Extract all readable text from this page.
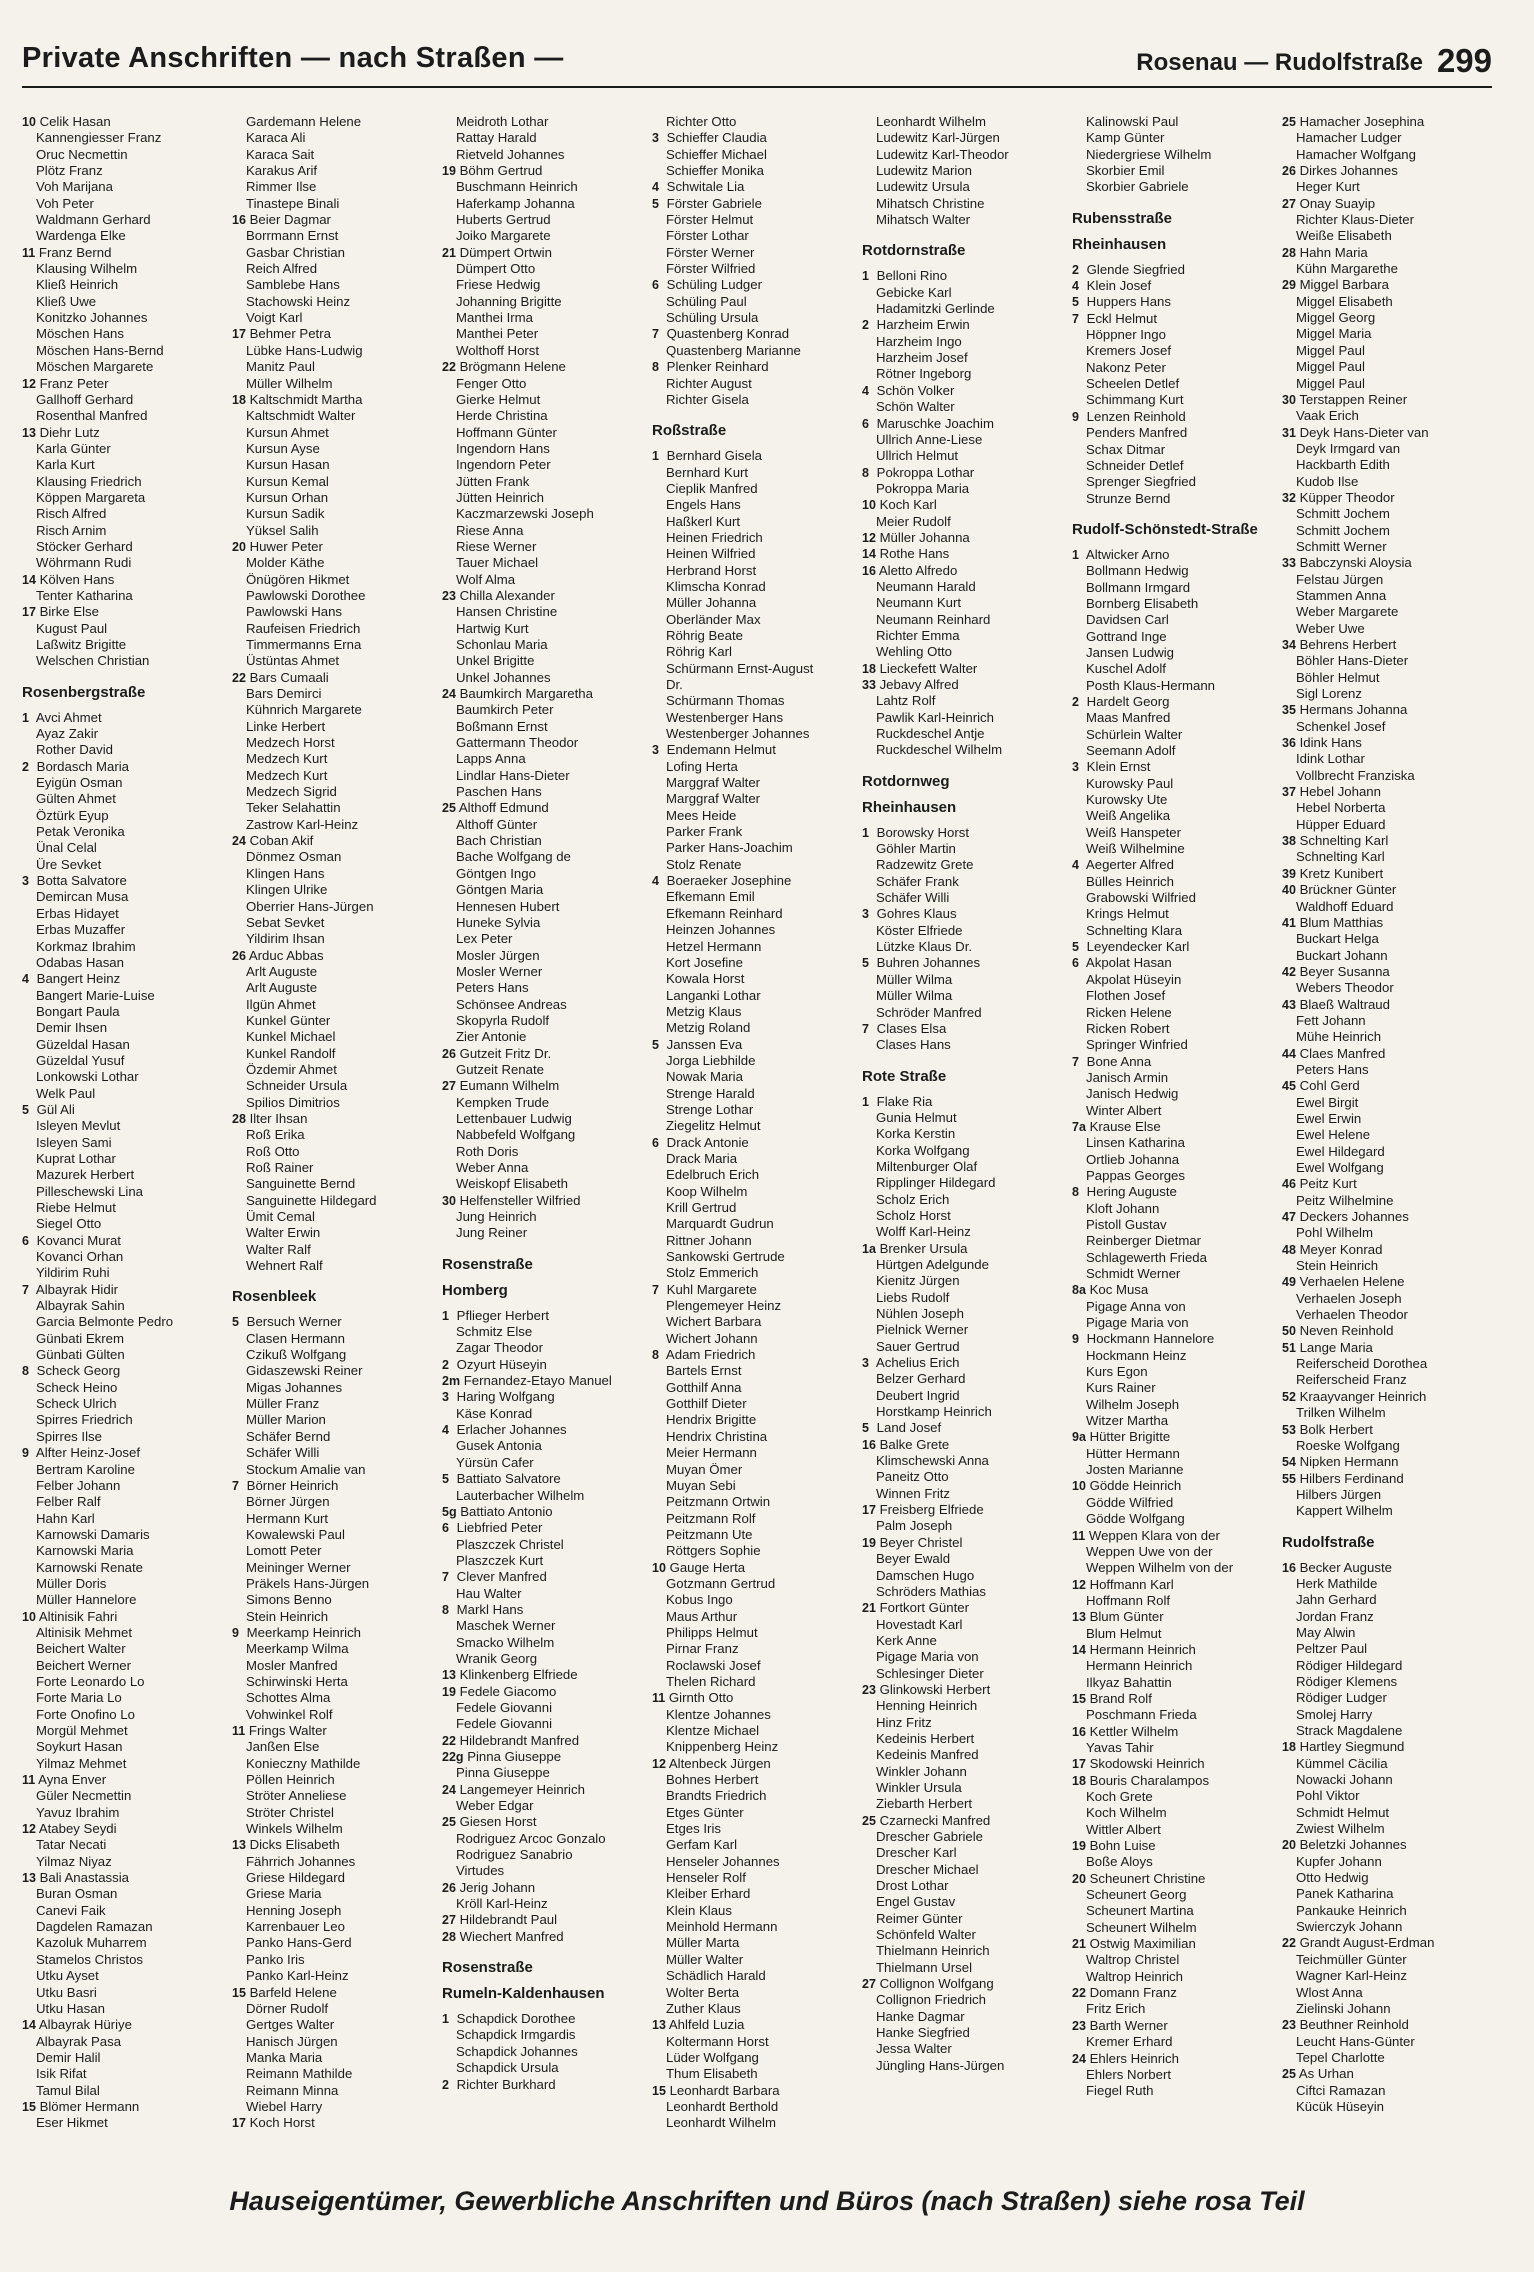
Private Anschriften — nach Straßen —	Rosenau — Rudolfstraße 299
10 Celik Hasan
Kannengiesser Franz
Oruc Necmettin
Plötz Franz
Voh Marijana
Voh Peter
Waldmann Gerhard
Wardenga Elke
11 Franz Bernd
Klausing Wilhelm
Kließ Heinrich
Kließ Uwe
Konitzko Johannes
Möschen Hans
Möschen Hans-Bernd
Möschen Margarete
12 Franz Peter
Gallhoff Gerhard
Rosenthal Manfred
13 Diehr Lutz
Karla Günter
Karla Kurt
Klausing Friedrich
Köppen Margareta
Risch Alfred
Risch Arnim
Stöcker Gerhard
Wöhrmann Rudi
14 Kölven Hans
Tenter Katharina
17 Birke Else
Kugust Paul
Laßwitz Brigitte
Welschen Christian
Rosenbergstraße
1 Avci Ahmet
Ayaz Zakir
Rother David
2 Bordasch Maria
Eyigün Osman
Gülten Ahmet
Öztürk Eyup
Petak Veronika
Ünal Celal
Üre Sevket
3 Botta Salvatore
Demircan Musa
Erbas Hidayet
Erbas Muzaffer
Korkmaz Ibrahim
Odabas Hasan
4 Bangert Heinz
Bangert Marie-Luise
Bongart Paula
Demir Ihsen
Güzeldal Hasan
Güzeldal Yusuf
Lonkowski Lothar
Welk Paul
5 Gül Ali
Isleyen Mevlut
Isleyen Sami
Kuprat Lothar
Mazurek Herbert
Pilleschewski Lina
Riebe Helmut
Siegel Otto
6 Kovanci Murat
Kovanci Orhan
Yildirim Ruhi
7 Albayrak Hidir
Albayrak Sahin
Garcia Belmonte Pedro
Günbati Ekrem
Günbati Gülten
8 Scheck Georg
Scheck Heino
Scheck Ulrich
Spirres Friedrich
Spirres Ilse
9 Alfter Heinz-Josef
Bertram Karoline
Felber Johann
Felber Ralf
Hahn Karl
Karnowski Damaris
Karnowski Maria
Karnowski Renate
Müller Doris
Müller Hannelore
10 Altinisik Fahri
Altinisik Mehmet
Beichert Walter
Beichert Werner
Forte Leonardo Lo
Forte Maria Lo
Forte Onofino Lo
Morgül Mehmet
Soykurt Hasan
Yilmaz Mehmet
11 Ayna Enver
Güler Necmettin
Yavuz Ibrahim
12 Atabey Seydi
Tatar Necati
Yilmaz Niyaz
13 Bali Anastassia
Buran Osman
Canevi Faik
Dagdelen Ramazan
Kazoluk Muharrem
Stamelos Christos
Utku Ayset
Utku Basri
Utku Hasan
14 Albayrak Hüriye
Albayrak Pasa
Demir Halil
Isik Rifat
Tamul Bilal
15 Blömer Hermann
Eser Hikmet
Gardemann Helene
Karaca Ali
Karaca Sait
Karakus Arif
Rimmer Ilse
Tinastepe Binali
16 Beier Dagmar
Borrmann Ernst
Gasbar Christian
Reich Alfred
Samblebe Hans
Stachowski Heinz
Voigt Karl
17 Behmer Petra
Lübke Hans-Ludwig
Manitz Paul
Müller Wilhelm
18 Kaltschmidt Martha
Kaltschmidt Walter
Kursun Ahmet
Kursun Ayse
Kursun Hasan
Kursun Kemal
Kursun Orhan
Kursun Sadik
Yüksel Salih
20 Huwer Peter
Molder Käthe
Önügören Hikmet
Pawlowski Dorothee
Pawlowski Hans
Raufeisen Friedrich
Timmermanns Erna
Üstüntas Ahmet
22 Bars Cumaali
Bars Demirci
Kühnrich Margarete
Linke Herbert
Medzech Horst
Medzech Kurt
Medzech Kurt
Medzech Sigrid
Teker Selahattin
Zastrow Karl-Heinz
24 Coban Akif
Dönmez Osman
Klingen Hans
Klingen Ulrike
Oberrier Hans-Jürgen
Sebat Sevket
Yildirim Ihsan
26 Arduc Abbas
Arlt Auguste
Arlt Auguste
Ilgün Ahmet
Kunkel Günter
Kunkel Michael
Kunkel Randolf
Özdemir Ahmet
Schneider Ursula
Spilios Dimitrios
28 Ilter Ihsan
Roß Erika
Roß Otto
Roß Rainer
Sanguinette Bernd
Sanguinette Hildegard
Ümit Cemal
Walter Erwin
Walter Ralf
Wehnert Ralf
Rosenbleek
5 Bersuch Werner
Clasen Hermann
Czikuß Wolfgang
Gidaszewski Reiner
Migas Johannes
Müller Franz
Müller Marion
Schäfer Bernd
Schäfer Willi
Stockum Amalie van
7 Börner Heinrich
Börner Jürgen
Hermann Kurt
Kowalewski Paul
Lomott Peter
Meininger Werner
Präkels Hans-Jürgen
Simons Benno
Stein Heinrich
9 Meerkamp Heinrich
Meerkamp Wilma
Mosler Manfred
Schirwinski Herta
Schottes Alma
Vohwinkel Rolf
11 Frings Walter
Janßen Else
Konieczny Mathilde
Pöllen Heinrich
Ströter Anneliese
Ströter Christel
Winkels Wilhelm
13 Dicks Elisabeth
Fährrich Johannes
Griese Hildegard
Griese Maria
Henning Joseph
Karrenbauer Leo
Panko Hans-Gerd
Panko Iris
Panko Karl-Heinz
15 Barfeld Helene
Dörner Rudolf
Gertges Walter
Hanisch Jürgen
Manka Maria
Reimann Mathilde
Reimann Minna
Wiebel Harry
17 Koch Horst
Meidroth Lothar
Rattay Harald
Rietveld Johannes
19 Böhm Gertrud
Buschmann Heinrich
Haferkamp Johanna
Huberts Gertrud
Joiko Margarete
21 Dümpert Ortwin
Dümpert Otto
Friese Hedwig
Johanning Brigitte
Manthei Irma
Manthei Peter
Wolthoff Horst
22 Brögmann Helene
Fenger Otto
Gierke Helmut
Herde Christina
Hoffmann Günter
Ingendorn Hans
Ingendorn Peter
Jütten Frank
Jütten Heinrich
Kaczmarzewski Joseph
Riese Anna
Riese Werner
Tauer Michael
Wolf Alma
23 Chilla Alexander
Hansen Christine
Hartwig Kurt
Schonlau Maria
Unkel Brigitte
Unkel Johannes
24 Baumkirch Margaretha
Baumkirch Peter
Boßmann Ernst
Gattermann Theodor
Lapps Anna
Lindlar Hans-Dieter
Paschen Hans
25 Althoff Edmund
Althoff Günter
Bach Christian
Bache Wolfgang de
Göntgen Ingo
Göntgen Maria
Hennesen Hubert
Huneke Sylvia
Lex Peter
Mosler Jürgen
Mosler Werner
Peters Hans
Schönsee Andreas
Skopyrla Rudolf
Zier Antonie
26 Gutzeit Fritz Dr.
Gutzeit Renate
27 Eumann Wilhelm
Kempken Trude
Lettenbauer Ludwig
Nabbefeld Wolfgang
Roth Doris
Weber Anna
Weiskopf Elisabeth
30 Helfensteller Wilfried
Jung Heinrich
Jung Reiner
Rosenstraße
Homberg
1 Pflieger Herbert
Schmitz Else
Zagar Theodor
2 Ozyurt Hüseyin
2m Fernandez-Etayo Manuel
3 Haring Wolfgang
Käse Konrad
4 Erlacher Johannes
Gusek Antonia
Yürsün Cafer
5 Battiato Salvatore
Lauterbacher Wilhelm
5g Battiato Antonio
6 Liebfried Peter
Plaszczek Christel
Plaszczek Kurt
7 Clever Manfred
Hau Walter
8 Markl Hans
Maschek Werner
Smacko Wilhelm
Wranik Georg
13 Klinkenberg Elfriede
19 Fedele Giacomo
Fedele Giovanni
Fedele Giovanni
22 Hildebrandt Manfred
22g Pinna Giuseppe
Pinna Giuseppe
24 Langemeyer Heinrich
Weber Edgar
25 Giesen Horst
Rodriguez Arcoc Gonzalo
Rodriguez Sanabrio
Virtudes
26 Jerig Johann
Kröll Karl-Heinz
27 Hildebrandt Paul
28 Wiechert Manfred
Rosenstraße
Rumeln-Kaldenhausen
1 Schapdick Dorothee
Schapdick Irmgardis
Schapdick Johannes
Schapdick Ursula
2 Richter Burkhard
Richter Otto
3 Schieffer Claudia
Schieffer Michael
Schieffer Monika
4 Schwitale Lia
5 Förster Gabriele
Förster Helmut
Förster Lothar
Förster Werner
Förster Wilfried
6 Schüling Ludger
Schüling Paul
Schüling Ursula
7 Quastenberg Konrad
Quastenberg Marianne
8 Plenker Reinhard
Richter August
Richter Gisela
Roßstraße
1 Bernhard Gisela
Bernhard Kurt
Cieplik Manfred
Engels Hans
Haßkerl Kurt
Heinen Friedrich
Heinen Wilfried
Herbrand Horst
Klimscha Konrad
Müller Johanna
Oberländer Max
Röhrig Beate
Röhrig Karl
Schürmann Ernst-August
Dr.
Schürmann Thomas
Westenberger Hans
Westenberger Johannes
3 Endemann Helmut
Lofing Herta
Marggraf Walter
Marggraf Walter
Mees Heide
Parker Frank
Parker Hans-Joachim
Stolz Renate
4 Boeraeker Josephine
Efkemann Emil
Efkemann Reinhard
Heinzen Johannes
Hetzel Hermann
Kort Josefine
Kowala Horst
Langanki Lothar
Metzig Klaus
Metzig Roland
5 Janssen Eva
Jorga Liebhilde
Nowak Maria
Strenge Harald
Strenge Lothar
Ziegelitz Helmut
6 Drack Antonie
Drack Maria
Edelbruch Erich
Koop Wilhelm
Krill Gertrud
Marquardt Gudrun
Rittner Johann
Sankowski Gertrude
Stolz Emmerich
7 Kuhl Margarete
Plengemeyer Heinz
Wichert Barbara
Wichert Johann
8 Adam Friedrich
Bartels Ernst
Gotthilf Anna
Gotthilf Dieter
Hendrix Brigitte
Hendrix Christina
Meier Hermann
Muyan Ömer
Muyan Sebi
Peitzmann Ortwin
Peitzmann Rolf
Peitzmann Ute
Röttgers Sophie
10 Gauge Herta
Gotzmann Gertrud
Kobus Ingo
Maus Arthur
Philipps Helmut
Pirnar Franz
Roclawski Josef
Thelen Richard
11 Girnth Otto
Klentze Johannes
Klentze Michael
Knippenberg Heinz
12 Altenbeck Jürgen
Bohnes Herbert
Brandts Friedrich
Etges Günter
Etges Iris
Gerfam Karl
Henseler Johannes
Henseler Rolf
Kleiber Erhard
Klein Klaus
Meinhold Hermann
Müller Marta
Müller Walter
Schädlich Harald
Wolter Berta
Zuther Klaus
13 Ahlfeld Luzia
Koltermann Horst
Lüder Wolfgang
Thum Elisabeth
15 Leonhardt Barbara
Leonhardt Berthold
Leonhardt Wilhelm
Leonhardt Wilhelm
Ludewitz Karl-Jürgen
Ludewitz Karl-Theodor
Ludewitz Marion
Ludewitz Ursula
Mihatsch Christine
Mihatsch Walter
Rotdornstraße
1 Belloni Rino
Gebicke Karl
Hadamitzki Gerlinde
2 Harzheim Erwin
Harzheim Ingo
Harzheim Josef
Rötner Ingeborg
4 Schön Volker
Schön Walter
6 Maruschke Joachim
Ullrich Anne-Liese
Ullrich Helmut
8 Pokroppa Lothar
Pokroppa Maria
10 Koch Karl
Meier Rudolf
12 Müller Johanna
14 Rothe Hans
16 Aletto Alfredo
Neumann Harald
Neumann Kurt
Neumann Reinhard
Richter Emma
Wehling Otto
18 Lieckefett Walter
33 Jebavy Alfred
Lahtz Rolf
Pawlik Karl-Heinrich
Ruckdeschel Antje
Ruckdeschel Wilhelm
Rotdornweg
Rheinhausen
1 Borowsky Horst
Göhler Martin
Radzewitz Grete
Schäfer Frank
Schäfer Willi
3 Gohres Klaus
Köster Elfriede
Lützke Klaus Dr.
5 Buhren Johannes
Müller Wilma
Müller Wilma
Schröder Manfred
7 Clases Elsa
Clases Hans
Rote Straße
1 Flake Ria
Gunia Helmut
Korka Kerstin
Korka Wolfgang
Miltenburger Olaf
Ripplinger Hildegard
Scholz Erich
Scholz Horst
Wolff Karl-Heinz
1a Brenker Ursula
Hürtgen Adelgunde
Kienitz Jürgen
Liebs Rudolf
Nühlen Joseph
Pielnick Werner
Sauer Gertrud
3 Achelius Erich
Belzer Gerhard
Deubert Ingrid
Horstkamp Heinrich
5 Land Josef
16 Balke Grete
Klimschewski Anna
Paneitz Otto
Winnen Fritz
17 Freisberg Elfriede
Palm Joseph
19 Beyer Christel
Beyer Ewald
Damschen Hugo
Schröders Mathias
21 Fortkort Günter
Hovestadt Karl
Kerk Anne
Pigage Maria von
Schlesinger Dieter
23 Glinkowski Herbert
Henning Heinrich
Hinz Fritz
Kedeinis Herbert
Kedeinis Manfred
Winkler Johann
Winkler Ursula
Ziebarth Herbert
25 Czarnecki Manfred
Drescher Gabriele
Drescher Karl
Drescher Michael
Drost Lothar
Engel Gustav
Reimer Günter
Schönfeld Walter
Thielmann Heinrich
Thielmann Ursel
27 Collignon Wolfgang
Collignon Friedrich
Hanke Dagmar
Hanke Siegfried
Jessa Walter
Jüngling Hans-Jürgen
Kalinowski Paul
Kamp Günter
Niedergriese Wilhelm
Skorbier Emil
Skorbier Gabriele
Rubensstraße
Rheinhausen
2 Glende Siegfried
4 Klein Josef
5 Huppers Hans
7 Eckl Helmut
Höppner Ingo
Kremers Josef
Nakonz Peter
Scheelen Detlef
Schimmang Kurt
9 Lenzen Reinhold
Penders Manfred
Schax Ditmar
Schneider Detlef
Sprenger Siegfried
Strunze Bernd
Rudolf-Schönstedt-Straße
1 Altwicker Arno
Bollmann Hedwig
Bollmann Irmgard
Bornberg Elisabeth
Davidsen Carl
Gottrand Inge
Jansen Ludwig
Kuschel Adolf
Posth Klaus-Hermann
2 Hardelt Georg
Maas Manfred
Schürlein Walter
Seemann Adolf
3 Klein Ernst
Kurowsky Paul
Kurowsky Ute
Weiß Angelika
Weiß Hanspeter
Weiß Wilhelmine
4 Aegerter Alfred
Bülles Heinrich
Grabowski Wilfried
Krings Helmut
Schnelting Klara
5 Leyendecker Karl
6 Akpolat Hasan
Akpolat Hüseyin
Flothen Josef
Ricken Helene
Ricken Robert
Springer Winfried
7 Bone Anna
Janisch Armin
Janisch Hedwig
Winter Albert
7a Krause Else
Linsen Katharina
Ortlieb Johanna
Pappas Georges
8 Hering Auguste
Kloft Johann
Pistoll Gustav
Reinberger Dietmar
Schlagewerth Frieda
Schmidt Werner
8a Koc Musa
Pigage Anna von
Pigage Maria von
9 Hockmann Hannelore
Hockmann Heinz
Kurs Egon
Kurs Rainer
Wilhelm Joseph
Witzer Martha
9a Hütter Brigitte
Hütter Hermann
Josten Marianne
10 Gödde Heinrich
Gödde Wilfried
Gödde Wolfgang
11 Weppen Klara von der
Weppen Uwe von der
Weppen Wilhelm von der
12 Hoffmann Karl
Hoffmann Rolf
13 Blum Günter
Blum Helmut
14 Hermann Heinrich
Hermann Heinrich
Ilkyaz Bahattin
15 Brand Rolf
Poschmann Frieda
16 Kettler Wilhelm
Yavas Tahir
17 Skodowski Heinrich
18 Bouris Charalampos
Koch Grete
Koch Wilhelm
Wittler Albert
19 Bohn Luise
Boße Aloys
20 Scheunert Christine
Scheunert Georg
Scheunert Martina
Scheunert Wilhelm
21 Ostwig Maximilian
Waltrop Christel
Waltrop Heinrich
22 Domann Franz
Fritz Erich
23 Barth Werner
Kremer Erhard
24 Ehlers Heinrich
Ehlers Norbert
Fiegel Ruth
25 Hamacher Josephina
Hamacher Ludger
Hamacher Wolfgang
26 Dirkes Johannes
Heger Kurt
27 Onay Suayip
Richter Klaus-Dieter
Weiße Elisabeth
28 Hahn Maria
Kühn Margarethe
29 Miggel Barbara
Miggel Elisabeth
Miggel Georg
Miggel Maria
Miggel Paul
Miggel Paul
Miggel Paul
30 Terstappen Reiner
Vaak Erich
31 Deyk Hans-Dieter van
Deyk Irmgard van
Hackbarth Edith
Kudob Ilse
32 Küpper Theodor
Schmitt Jochem
Schmitt Jochem
Schmitt Werner
33 Babczynski Aloysia
Felstau Jürgen
Stammen Anna
Weber Margarete
Weber Uwe
34 Behrens Herbert
Böhler Hans-Dieter
Böhler Helmut
Sigl Lorenz
35 Hermans Johanna
Schenkel Josef
36 Idink Hans
Idink Lothar
Vollbrecht Franziska
37 Hebel Johann
Hebel Norberta
Hüpper Eduard
38 Schnelting Karl
Schnelting Karl
39 Kretz Kunibert
40 Brückner Günter
Waldhoff Eduard
41 Blum Matthias
Buckart Helga
Buckart Johann
42 Beyer Susanna
Webers Theodor
43 Blaeß Waltraud
Fett Johann
Mühe Heinrich
44 Claes Manfred
Peters Hans
45 Cohl Gerd
Ewel Birgit
Ewel Erwin
Ewel Helene
Ewel Hildegard
Ewel Wolfgang
46 Peitz Kurt
Peitz Wilhelmine
47 Deckers Johannes
Pohl Wilhelm
48 Meyer Konrad
Stein Heinrich
49 Verhaelen Helene
Verhaelen Joseph
Verhaelen Theodor
50 Neven Reinhold
51 Lange Maria
Reiferscheid Dorothea
Reiferscheid Franz
52 Kraayvanger Heinrich
Trilken Wilhelm
53 Bolk Herbert
Roeske Wolfgang
54 Nipken Hermann
55 Hilbers Ferdinand
Hilbers Jürgen
Kappert Wilhelm
Rudolfstraße
16 Becker Auguste
Herk Mathilde
Jahn Gerhard
Jordan Franz
May Alwin
Peltzer Paul
Rödiger Hildegard
Rödiger Klemens
Rödiger Ludger
Smolej Harry
Strack Magdalene
18 Hartley Siegmund
Kümmel Cäcilia
Nowacki Johann
Pohl Viktor
Schmidt Helmut
Zwiest Wilhelm
20 Beletzki Johannes
Kupfer Johann
Otto Hedwig
Panek Katharina
Pankauke Heinrich
Swierczyk Johann
22 Grandt August-Erdman
Teichmüller Günter
Wagner Karl-Heinz
Wlost Anna
Zielinski Johann
23 Beuthner Reinhold
Leucht Hans-Günter
Tepel Charlotte
25 As Urhan
Ciftci Ramazan
Kücük Hüseyin
Hauseigentümer, Gewerbliche Anschriften und Büros (nach Straßen) siehe rosa Teil
